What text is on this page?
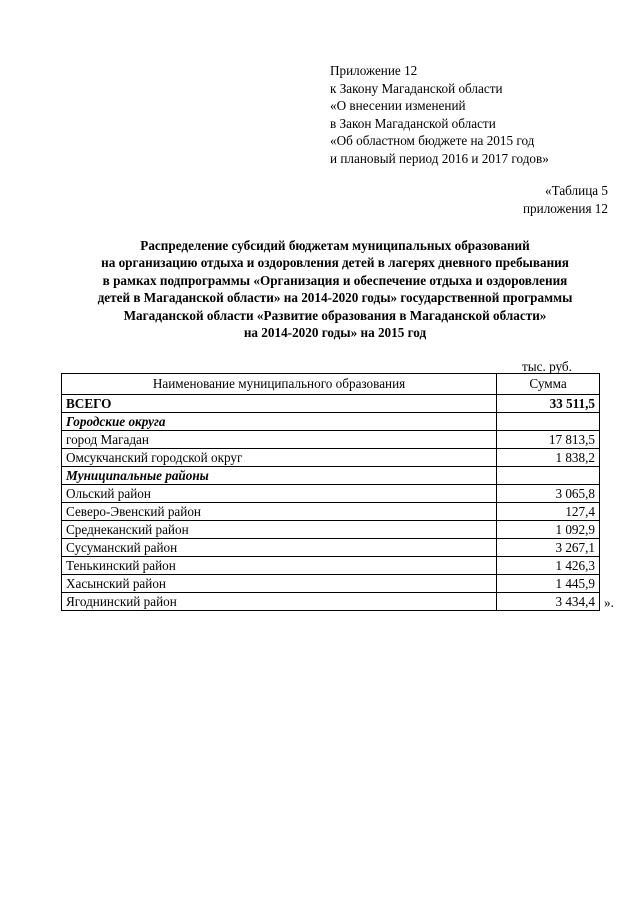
Приложение 12
к Закону Магаданской области
«О внесении изменений
в Закон Магаданской области
«Об областном бюджете на 2015 год
и плановый период 2016 и 2017 годов»
«Таблица 5
приложения 12
Распределение субсидий бюджетам муниципальных образований
на организацию отдыха и оздоровления детей в лагерях дневного пребывания
в рамках подпрограммы «Организация и обеспечение отдыха и оздоровления
детей в Магаданской области» на 2014-2020 годы» государственной программы
Магаданской области «Развитие образования в Магаданской области»
на 2014-2020 годы» на 2015 год
тыс. руб.
Наименование муниципального образования	Сумма
ВСЕГО	33 511,5
Городские округа	
город Магадан	17 813,5
Омсукчанский городской округ	1 838,2
Муниципальные районы	
Ольский район	3 065,8
Северо-Эвенский район	127,4
Среднеканский район	1 092,9
Сусуманский район	3 267,1
Тенькинский район	1 426,3
Хасынский район	1 445,9
Ягоднинский район	3 434,4 ».
